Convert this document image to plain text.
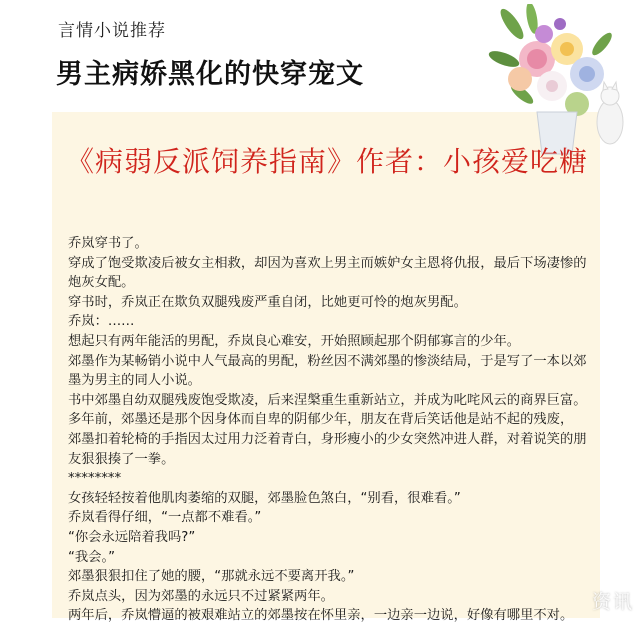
言情小说推荐
男主病娇黑化的快穿宠文
《病弱反派饲养指南》作者：小孩爱吃糖

乔岚穿书了。

穿成了饱受欺凌后被女主相救，却因为喜欢上男主而嫉妒女主恩将仇报，最后下场凄惨的炮灰女配。

穿书时，乔岚正在欺负双腿残废严重自闭，比她更可怜的炮灰男配。

乔岚：……

想起只有两年能活的男配，乔岚良心难安，开始照顾起那个阴郁寡言的少年。

郊墨作为某畅销小说中人气最高的男配，粉丝因不满郊墨的惨淡结局，于是写了一本以郊墨为男主的同人小说。

书中郊墨自幼双腿残废饱受欺凌，后来涅槃重生重新站立，并成为叱咤风云的商界巨富。

多年前，郊墨还是那个因身体而自卑的阴郁少年，朋友在背后笑话他是站不起的残废，

郊墨扣着轮椅的手指因太过用力泛着青白，身形瘦小的少女突然冲进人群，对着说笑的朋友狠狠揍了一拳。

********

女孩轻轻按着他肌肉萎缩的双腿，郊墨脸色煞白，“别看，很难看。”

乔岚看得仔细，“一点都不难看。”

“你会永远陪着我吗?”

“我会。”

郊墨狠狠扣住了她的腰，“那就永远不要离开我。”

乔岚点头，因为郊墨的永远只不过紧紧两年。

两年后，乔岚懵逼的被艰难站立的郊墨按在怀里亲，一边亲一边说，好像有哪里不对。

资讯
